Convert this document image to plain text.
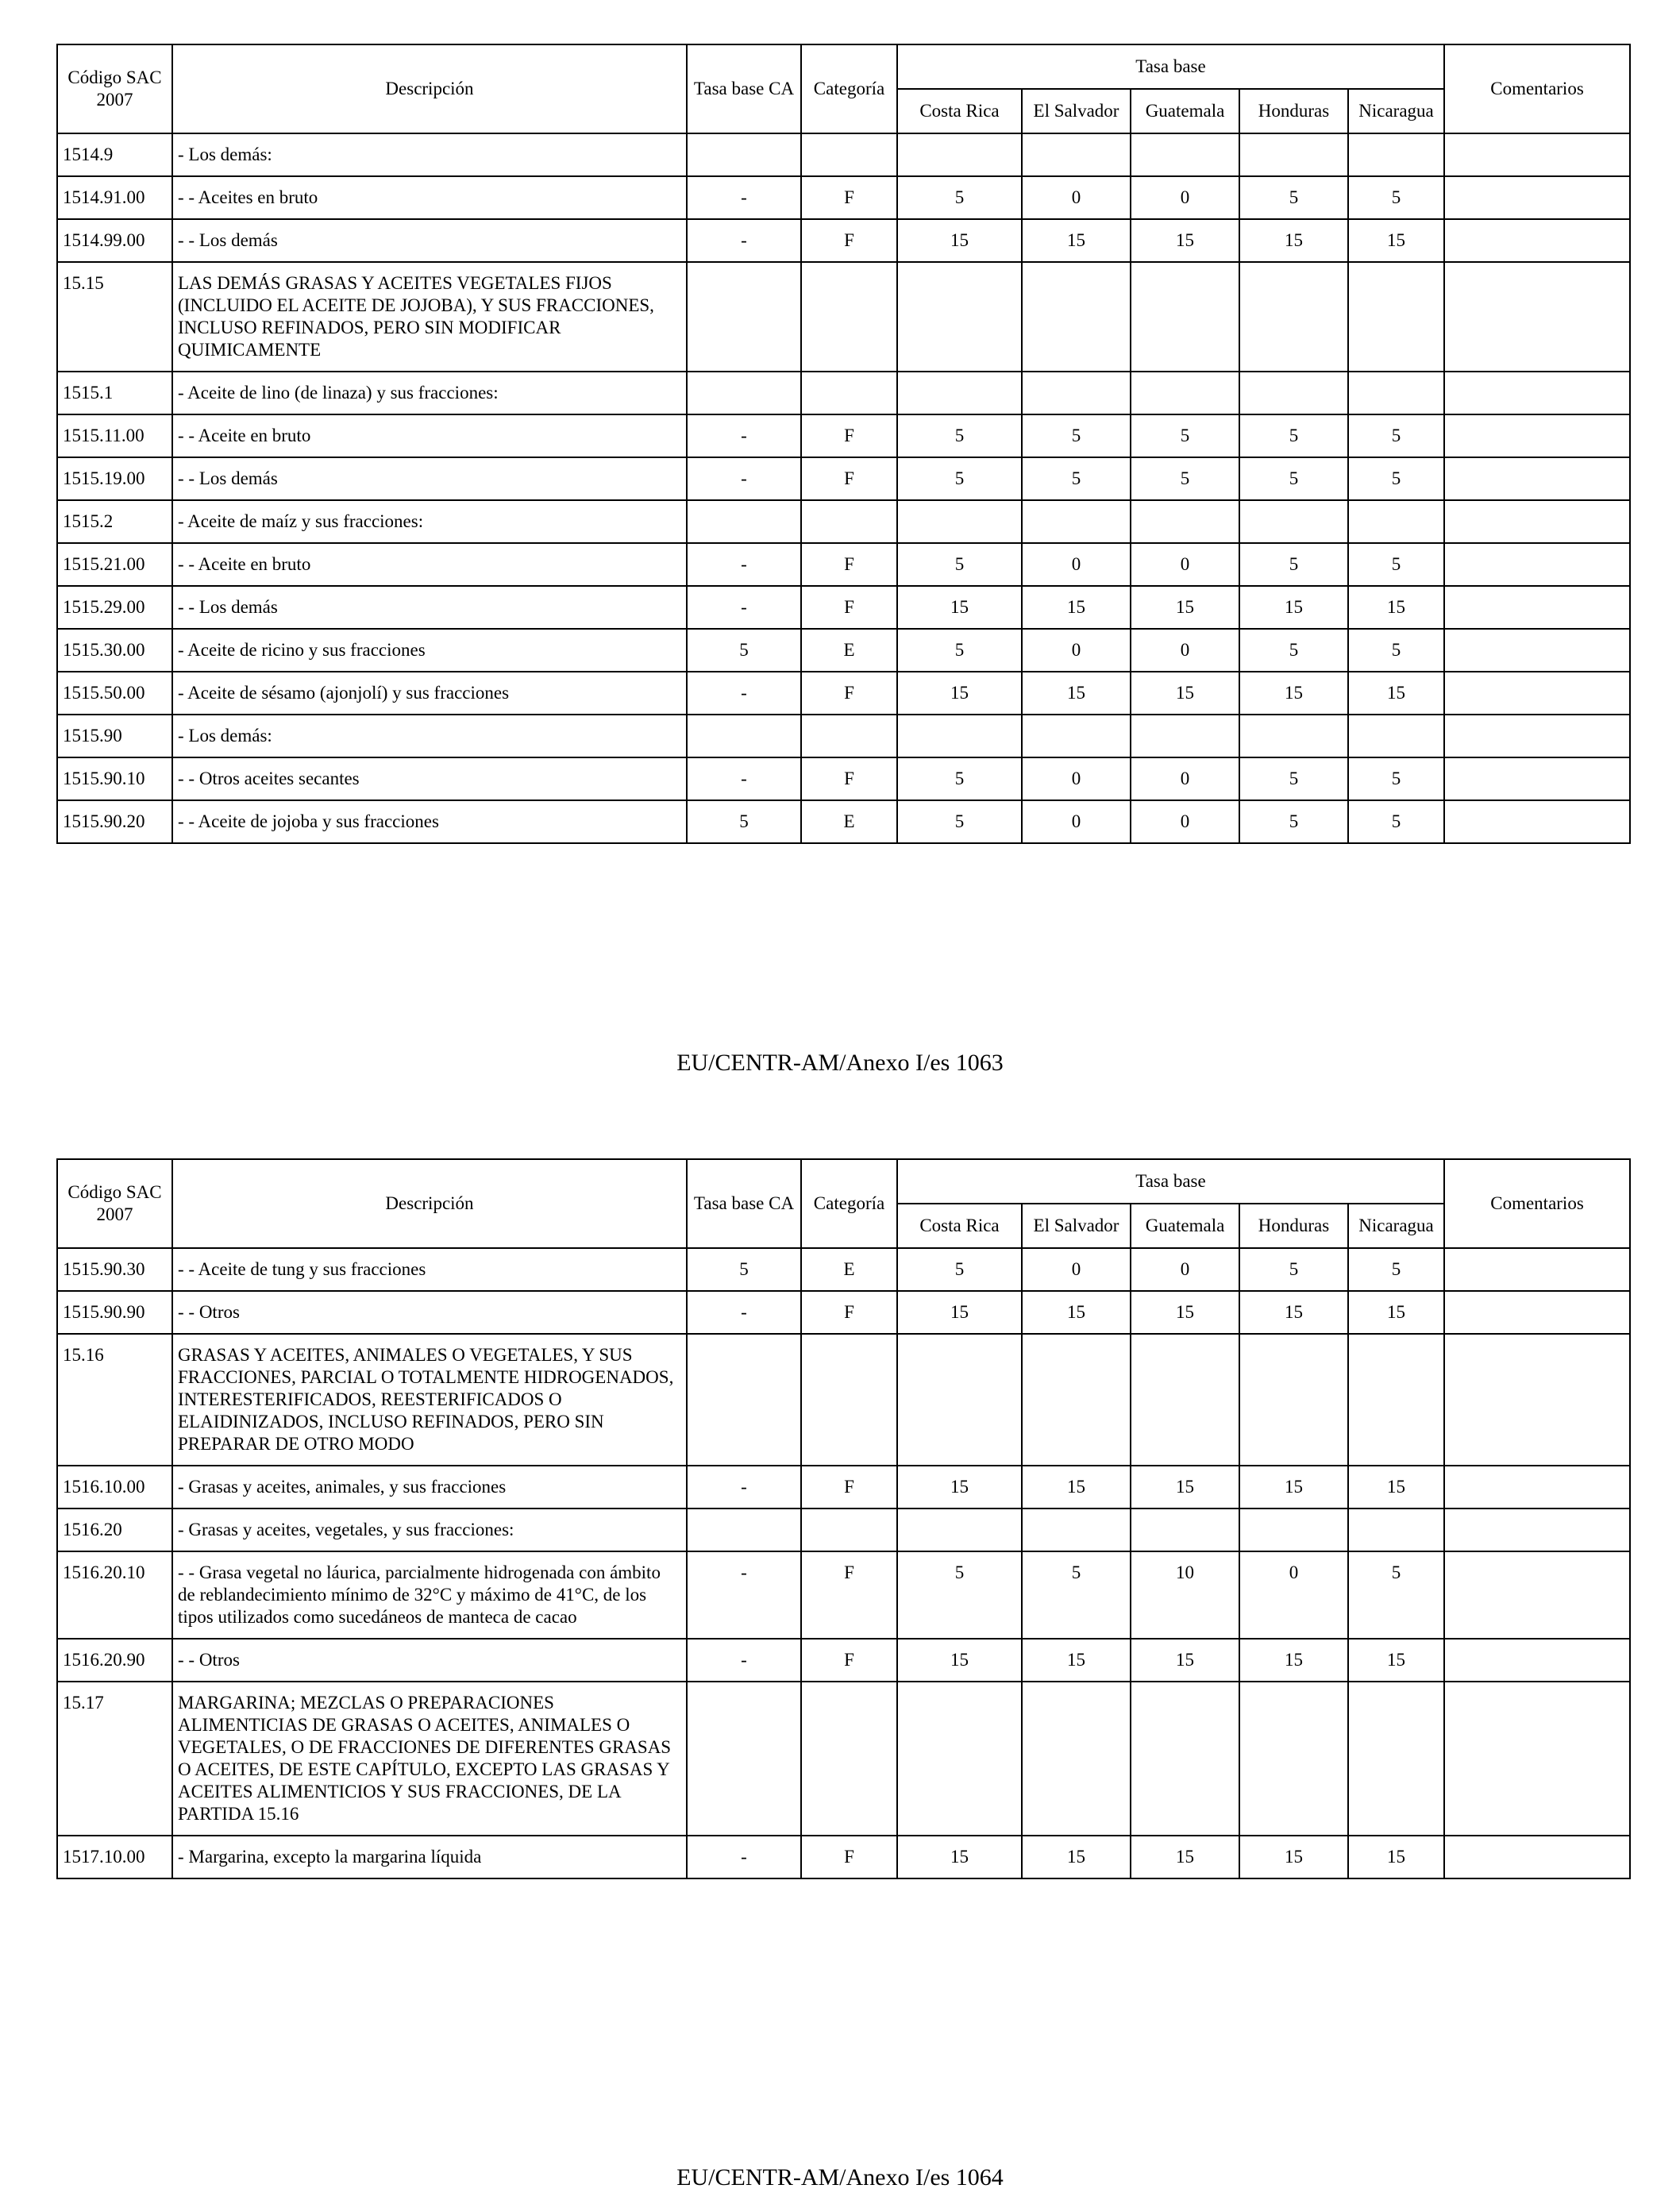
Código SAC 2007	Descripción	Tasa base CA	Categoría	Tasa base					Comentarios
				Costa Rica	El Salvador	Guatemala	Honduras	Nicaragua	
1514.9	- Los demás:								
1514.91.00	- - Aceites en bruto	-	F	5	0	0	5	5	
1514.99.00	- - Los demás	-	F	15	15	15	15	15	
15.15	LAS DEMÁS GRASAS Y ACEITES VEGETALES FIJOS (INCLUIDO EL ACEITE DE JOJOBA), Y SUS FRACCIONES, INCLUSO REFINADOS, PERO SIN MODIFICAR QUIMICAMENTE								
1515.1	- Aceite de lino (de linaza) y sus fracciones:								
1515.11.00	- - Aceite en bruto	-	F	5	5	5	5	5	
1515.19.00	- - Los demás	-	F	5	5	5	5	5	
1515.2	- Aceite de maíz y sus fracciones:								
1515.21.00	- - Aceite en bruto	-	F	5	0	0	5	5	
1515.29.00	- - Los demás	-	F	15	15	15	15	15	
1515.30.00	- Aceite de ricino y sus fracciones	5	E	5	0	0	5	5	
1515.50.00	- Aceite de sésamo (ajonjolí) y sus fracciones	-	F	15	15	15	15	15	
1515.90	- Los demás:								
1515.90.10	- - Otros aceites secantes	-	F	5	0	0	5	5	
1515.90.20	- - Aceite de jojoba y sus fracciones	5	E	5	0	0	5	5	
EU/CENTR-AM/Anexo I/es 1063
Código SAC 2007	Descripción	Tasa base CA	Categoría	Tasa base					Comentarios
				Costa Rica	El Salvador	Guatemala	Honduras	Nicaragua	
1515.90.30	- - Aceite de tung y sus fracciones	5	E	5	0	0	5	5	
1515.90.90	- - Otros	-	F	15	15	15	15	15	
15.16	GRASAS Y ACEITES, ANIMALES O VEGETALES, Y SUS FRACCIONES, PARCIAL O TOTALMENTE HIDROGENADOS, INTERESTERIFICADOS, REESTERIFICADOS O ELAIDINIZADOS, INCLUSO REFINADOS, PERO SIN PREPARAR DE OTRO MODO								
1516.10.00	- Grasas y aceites, animales, y sus fracciones	-	F	15	15	15	15	15	
1516.20	- Grasas y aceites, vegetales, y sus fracciones:								
1516.20.10	- - Grasa vegetal no láurica, parcialmente hidrogenada con ámbito de reblandecimiento mínimo de 32°C y máximo de 41°C, de los tipos utilizados como sucedáneos de manteca de cacao	-	F	5	5	10	0	5	
1516.20.90	- - Otros	-	F	15	15	15	15	15	
15.17	MARGARINA; MEZCLAS O PREPARACIONES ALIMENTICIAS DE GRASAS O ACEITES, ANIMALES O VEGETALES, O DE FRACCIONES DE DIFERENTES GRASAS O ACEITES, DE ESTE CAPÍTULO, EXCEPTO LAS GRASAS Y ACEITES ALIMENTICIOS Y SUS FRACCIONES, DE LA PARTIDA 15.16								
1517.10.00	- Margarina, excepto la margarina líquida	-	F	15	15	15	15	15	
EU/CENTR-AM/Anexo I/es 1064
